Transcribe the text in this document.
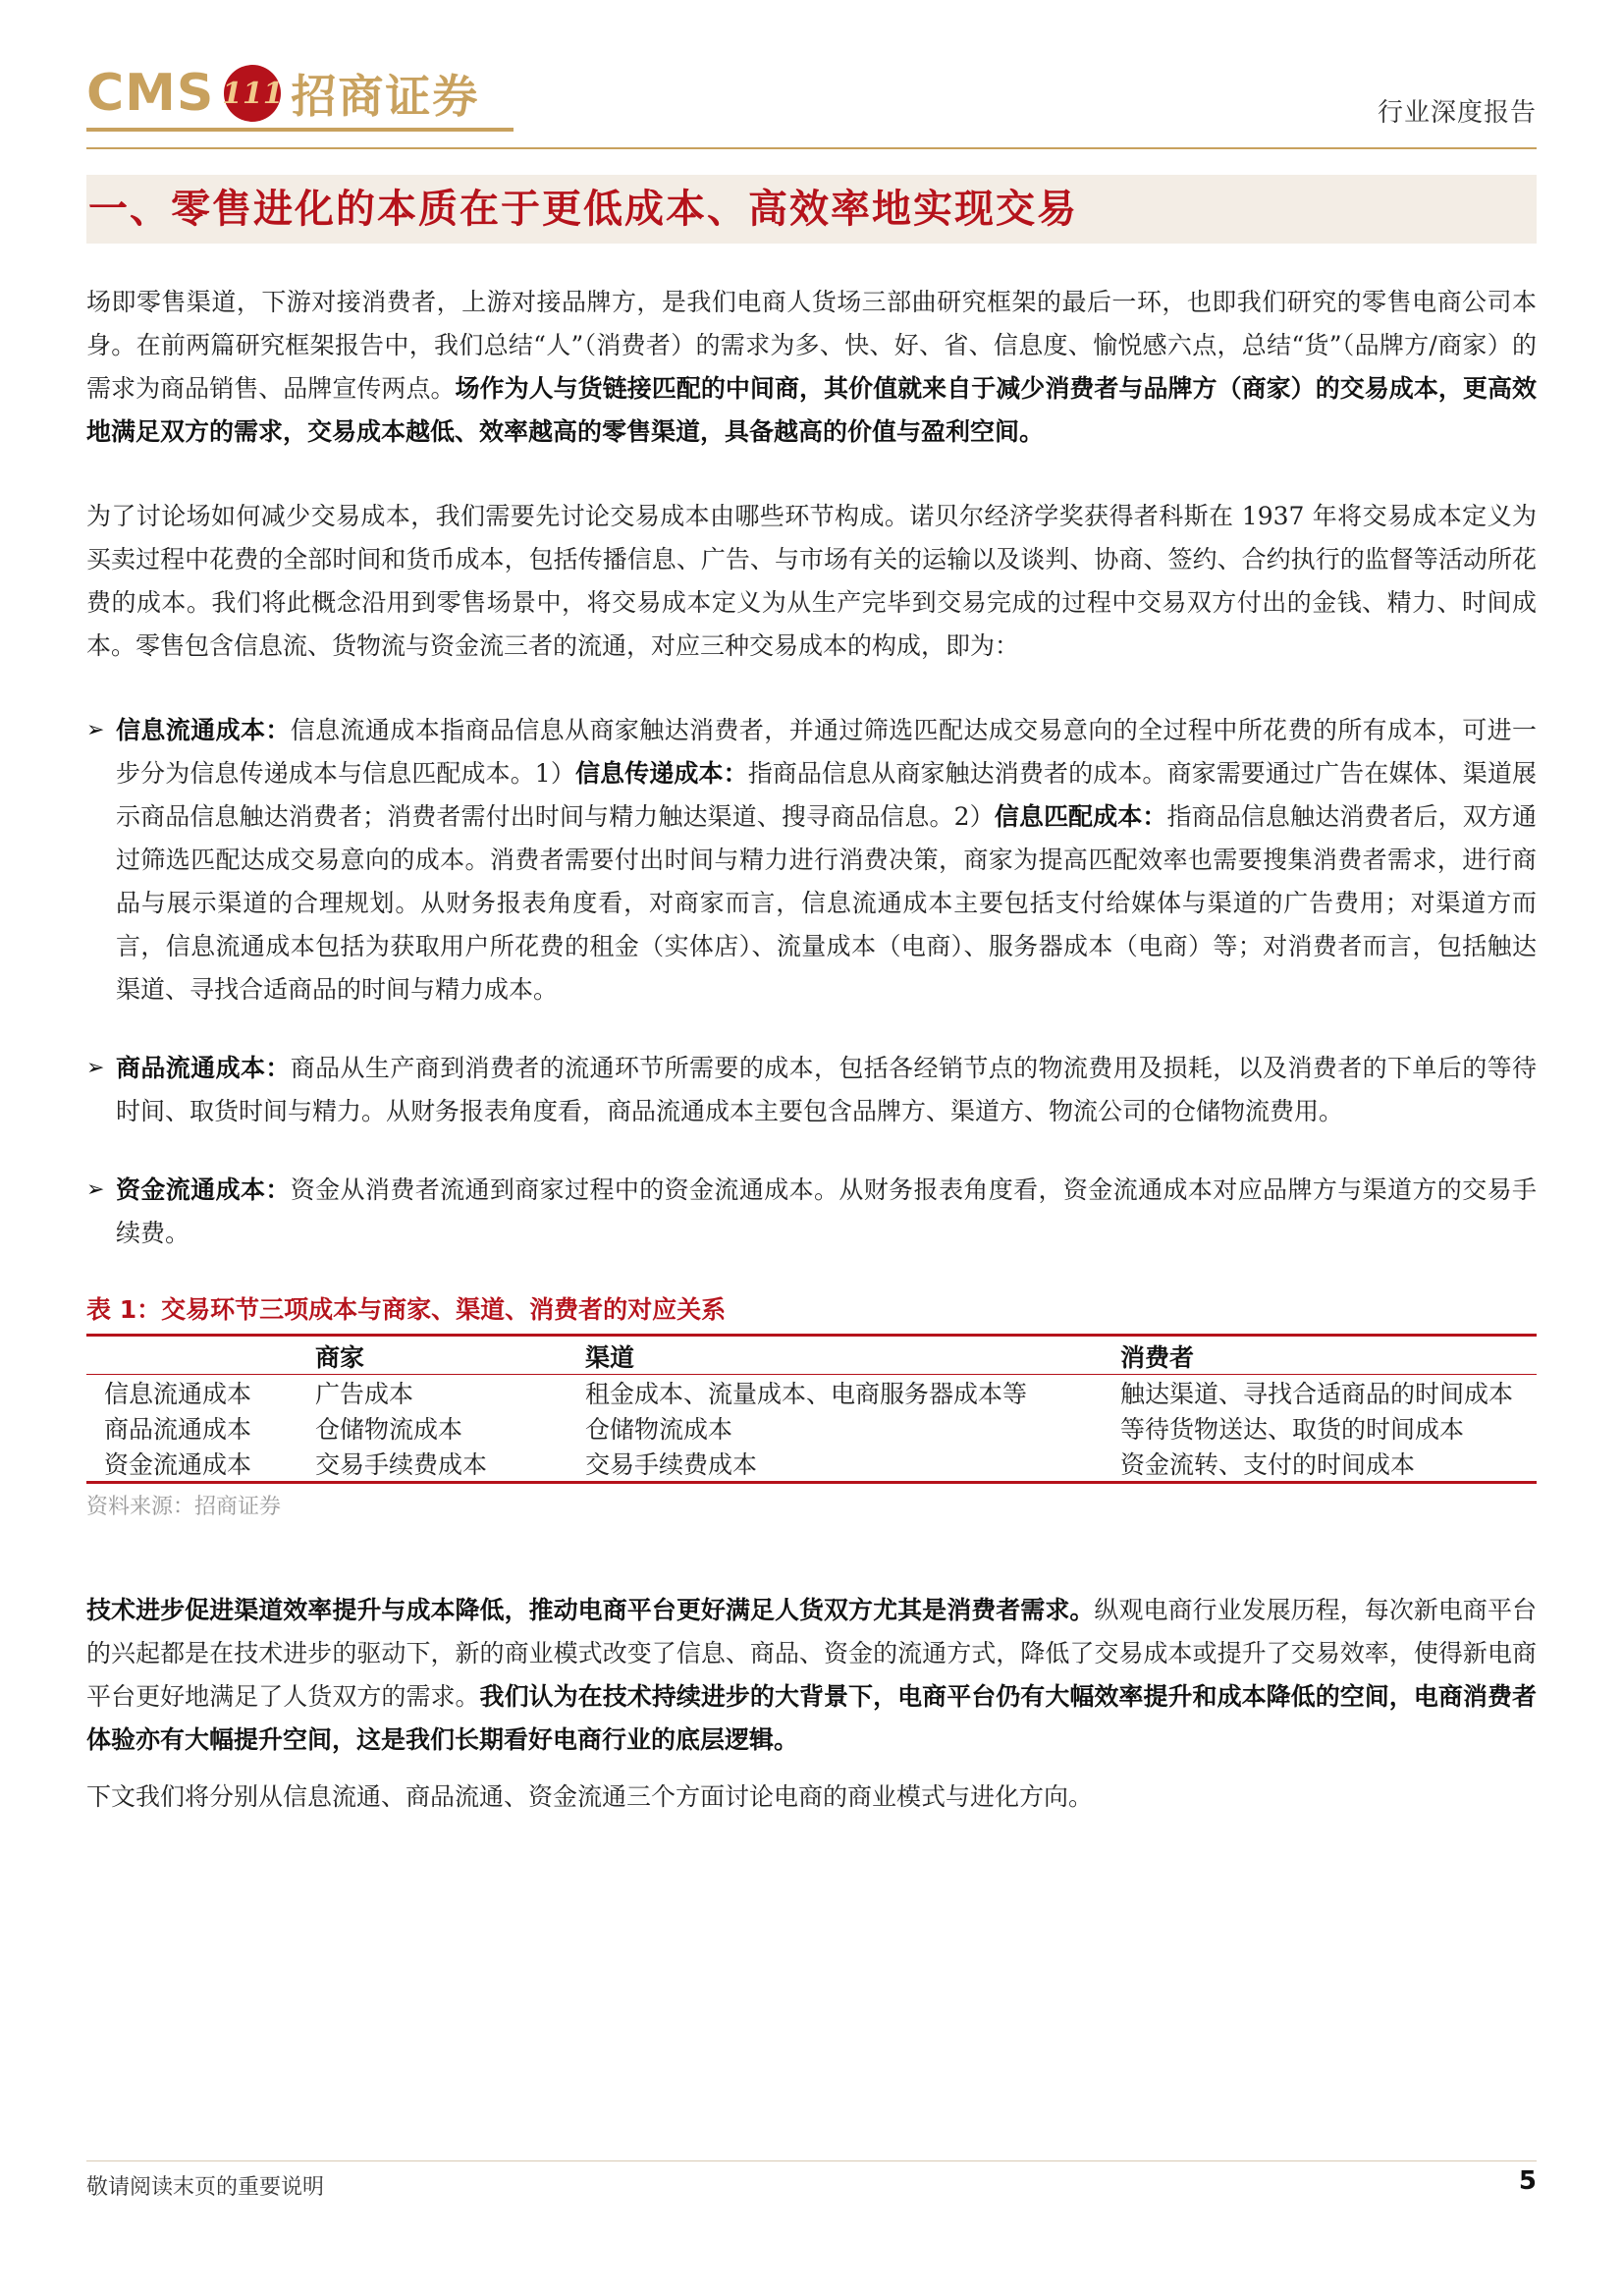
CMS 111 招商证券	行业深度报告
一、零售进化的本质在于更低成本、高效率地实现交易

场即零售渠道，下游对接消费者，上游对接品牌方，是我们电商人货场三部曲研究框架的最后一环，也即我们研究的零售电商公司本身。在前两篇研究框架报告中，我们总结“人”（消费者）的需求为多、快、好、省、信息度、愉悦感六点，总结“货”（品牌方/商家）的需求为商品销售、品牌宣传两点。场作为人与货链接匹配的中间商，其价值就来自于减少消费者与品牌方（商家）的交易成本，更高效地满足双方的需求，交易成本越低、效率越高的零售渠道，具备越高的价值与盈利空间。

为了讨论场如何减少交易成本，我们需要先讨论交易成本由哪些环节构成。诺贝尔经济学奖获得者科斯在 1937 年将交易成本定义为买卖过程中花费的全部时间和货币成本，包括传播信息、广告、与市场有关的运输以及谈判、协商、签约、合约执行的监督等活动所花费的成本。我们将此概念沿用到零售场景中，将交易成本定义为从生产完毕到交易完成的过程中交易双方付出的金钱、精力、时间成本。零售包含信息流、货物流与资金流三者的流通，对应三种交易成本的构成，即为：

➢ 信息流通成本：信息流通成本指商品信息从商家触达消费者，并通过筛选匹配达成交易意向的全过程中所花费的所有成本，可进一步分为信息传递成本与信息匹配成本。1）信息传递成本：指商品信息从商家触达消费者的成本。商家需要通过广告在媒体、渠道展示商品信息触达消费者；消费者需付出时间与精力触达渠道、搜寻商品信息。2）信息匹配成本：指商品信息触达消费者后，双方通过筛选匹配达成交易意向的成本。消费者需要付出时间与精力进行消费决策，商家为提高匹配效率也需要搜集消费者需求，进行商品与展示渠道的合理规划。从财务报表角度看，对商家而言，信息流通成本主要包括支付给媒体与渠道的广告费用；对渠道方而言，信息流通成本包括为获取用户所花费的租金（实体店）、流量成本（电商）、服务器成本（电商）等；对消费者而言，包括触达渠道、寻找合适商品的时间与精力成本。
➢ 商品流通成本：商品从生产商到消费者的流通环节所需要的成本，包括各经销节点的物流费用及损耗，以及消费者的下单后的等待时间、取货时间与精力。从财务报表角度看，商品流通成本主要包含品牌方、渠道方、物流公司的仓储物流费用。
➢ 资金流通成本：资金从消费者流通到商家过程中的资金流通成本。从财务报表角度看，资金流通成本对应品牌方与渠道方的交易手续费。
表 1：交易环节三项成本与商家、渠道、消费者的对应关系
	商家	渠道	消费者
信息流通成本	广告成本	租金成本、流量成本、电商服务器成本等	触达渠道、寻找合适商品的时间成本
商品流通成本	仓储物流成本	仓储物流成本	等待货物送达、取货的时间成本
资金流通成本	交易手续费成本	交易手续费成本	资金流转、支付的时间成本
资料来源：招商证券

技术进步促进渠道效率提升与成本降低，推动电商平台更好满足人货双方尤其是消费者需求。纵观电商行业发展历程，每次新电商平台的兴起都是在技术进步的驱动下，新的商业模式改变了信息、商品、资金的流通方式，降低了交易成本或提升了交易效率，使得新电商平台更好地满足了人货双方的需求。我们认为在技术持续进步的大背景下，电商平台仍有大幅效率提升和成本降低的空间，电商消费者体验亦有大幅提升空间，这是我们长期看好电商行业的底层逻辑。

下文我们将分别从信息流通、商品流通、资金流通三个方面讨论电商的商业模式与进化方向。

敬请阅读末页的重要说明	5
